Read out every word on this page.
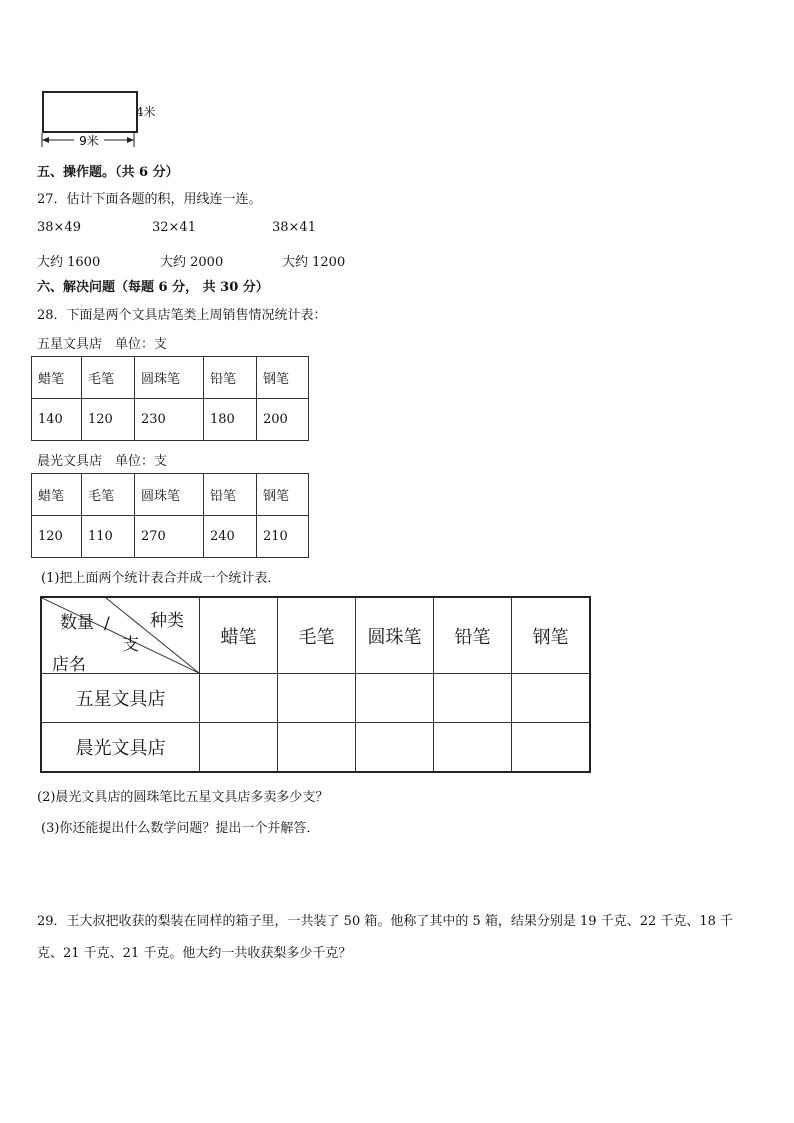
4米
9米
五、操作题。（共 6 分）
27．估计下面各题的积，用线连一连。
38×49	32×41	38×41
大约 1600	大约 2000	大约 1200
六、解决问题（每题 6 分， 共 30 分）
28．下面是两个文具店笔类上周销售情况统计表：
五星文具店　单位：支
蜡笔	毛笔	圆珠笔	铅笔	钢笔
140	120	230	180	200
晨光文具店　单位：支
蜡笔	毛笔	圆珠笔	铅笔	钢笔
120	110	270	240	210
(1)把上面两个统计表合并成一个统计表．
数量 /
支
种类
店名	蜡笔	毛笔	圆珠笔	铅笔	钢笔
五星文具店					
晨光文具店					
(2)晨光文具店的圆珠笔比五星文具店多卖多少支？
(3)你还能提出什么数学问题？提出一个并解答．
29．王大叔把收获的梨装在同样的箱子里，一共装了 50 箱。他称了其中的 5 箱，结果分别是 19 千克、22 千克、18 千
克、21 千克、21 千克。他大约一共收获梨多少千克？
